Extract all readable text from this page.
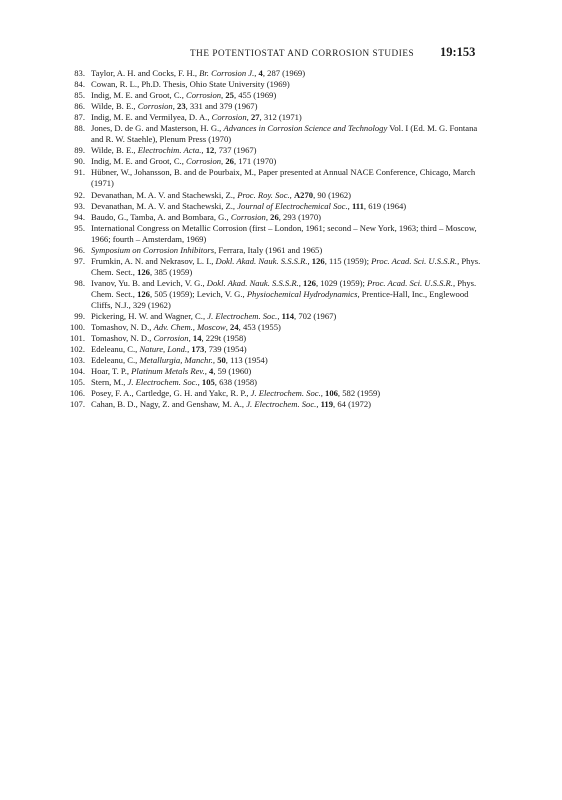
THE POTENTIOSTAT AND CORROSION STUDIES 19:153
83. Taylor, A. H. and Cocks, F. H., Br. Corrosion J., 4, 287 (1969)
84. Cowan, R. L., Ph.D. Thesis, Ohio State University (1969)
85. Indig, M. E. and Groot, C., Corrosion, 25, 455 (1969)
86. Wilde, B. E., Corrosion, 23, 331 and 379 (1967)
87. Indig, M. E. and Vermilyea, D. A., Corrosion, 27, 312 (1971)
88. Jones, D. de G. and Masterson, H. G., Advances in Corrosion Science and Technology Vol. I (Ed. M. G. Fontana and R. W. Staehle), Plenum Press (1970)
89. Wilde, B. E., Electrochim. Acta., 12, 737 (1967)
90. Indig, M. E. and Groot, C., Corrosion, 26, 171 (1970)
91. Hübner, W., Johansson, B. and de Pourbaix, M., Paper presented at Annual NACE Conference, Chicago, March (1971)
92. Devanathan, M. A. V. and Stachewski, Z., Proc. Roy. Soc., A270, 90 (1962)
93. Devanathan, M. A. V. and Stachewski, Z., Journal of Electrochemical Soc., 111, 619 (1964)
94. Baudo, G., Tamba, A. and Bombara, G., Corrosion, 26, 293 (1970)
95. International Congress on Metallic Corrosion (first – London, 1961; second – New York, 1963; third – Moscow, 1966; fourth – Amsterdam, 1969)
96. Symposium on Corrosion Inhibitors, Ferrara, Italy (1961 and 1965)
97. Frumkin, A. N. and Nekrasov, L. I., Dokl. Akad. Nauk. S.S.S.R., 126, 115 (1959); Proc. Acad. Sci. U.S.S.R., Phys. Chem. Sect., 126, 385 (1959)
98. Ivanov, Yu. B. and Levich, V. G., Dokl. Akad. Nauk. S.S.S.R., 126, 1029 (1959); Proc. Acad. Sci. U.S.S.R., Phys. Chem. Sect., 126, 505 (1959); Levich, V. G., Physiochemical Hydrodynamics, Prentice-Hall, Inc., Englewood Cliffs, N.J., 329 (1962)
99. Pickering, H. W. and Wagner, C., J. Electrochem. Soc., 114, 702 (1967)
100. Tomashov, N. D., Adv. Chem., Moscow, 24, 453 (1955)
101. Tomashov, N. D., Corrosion, 14, 229t (1958)
102. Edeleanu, C., Nature, Lond., 173, 739 (1954)
103. Edeleanu, C., Metallurgia, Manchr., 50, 113 (1954)
104. Hoar, T. P., Platinum Metals Rev., 4, 59 (1960)
105. Stern, M., J. Electrochem. Soc., 105, 638 (1958)
106. Posey, F. A., Cartledge, G. H. and Yakc, R. P., J. Electrochem. Soc., 106, 582 (1959)
107. Cahan, B. D., Nagy, Z. and Genshaw, M. A., J. Electrochem. Soc., 119, 64 (1972)
